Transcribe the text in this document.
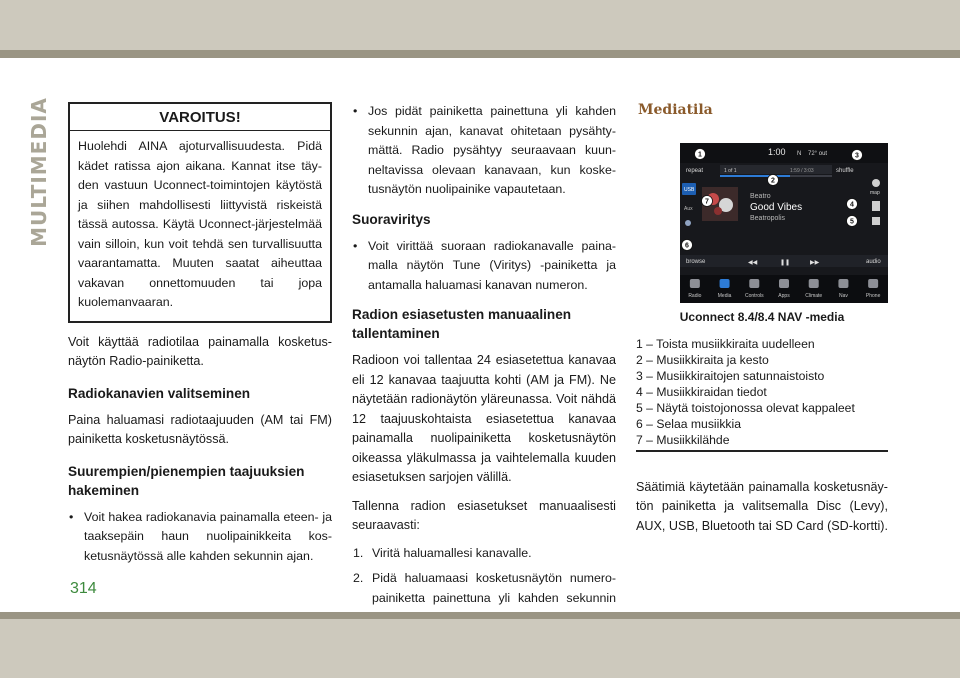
MULTIMEDIA	VAROITUS!
Huolehdi AINA ajoturvallisuudesta. Pidä kädet ratissa ajon aikana. Kannat itse täyden vastuun Uconnect-toimintojen käytöstä ja siihen mahdollisesti liittyvistä riskeistä tässä autossa. Käytä Uconnect-järjestelmää vain silloin, kun voit tehdä sen turvallisuutta vaarantamatta. Muuten saatat aiheuttaa vakavan onnettomuuden tai jopa kuolemanvaaran.

Voit käyttää radiotilaa painamalla kosketusnäytön Radio-painiketta.

Radiokanavien valitseminen

Paina haluamasi radiotaajuuden (AM tai FM) painiketta kosketusnäytössä.

Suurempien/pienempien taajuuksien hakeminen
• Voit hakea radiokanavia painamalla eteen- ja taaksepäin haun nuolipainikkeita kosketusnäytössä alle kahden sekunnin ajan.
• Jos pidät painiketta painettuna yli kahden sekunnin ajan, kanavat ohitetaan pysähtymättä. Radio pysähtyy seuraavaan kuunneltavissa olevaan kanavaan, kun kosketusnäytön nuolipainike vapautetaan.
Suoraviritys
• Voit virittää suoraan radiokanavalle painamalla näytön Tune (Viritys) -painiketta ja antamalla haluamasi kanavan numeron.
Radion esiasetusten manuaalinen tallentaminen

Radioon voi tallentaa 24 esiasetettua kanavaa eli 12 kanavaa taajuutta kohti (AM ja FM). Ne näytetään radionäytön yläreunassa. Voit nähdä 12 taajuuskohtaista esiasetettua kanavaa painamalla nuolipainiketta kosketusnäytön oikeassa yläkulmassa ja vaihtelemalla kuuden esiasetuksen sarjojen välillä.

Tallenna radion esiasetukset manuaalisesti seuraavasti:

1. Viritä haluamallesi kanavalle.
2. Pidä haluamaasi kosketusnäytön numeropainiketta painettuna yli kahden sekunnin
Mediatila
1:00 N 72° out
repeat	shuffle
1 of 1	1:59 / 3:03
USB
Aux
Beatro
Good Vibes
Beatropolis
map
browse	◀◀	❚❚	▶▶	audio
Radio	Media	Controls	Apps	Climate	Nav	Phone
1
2
3
4
5
6
7
Uconnect 8.4/8.4 NAV -media
1 – Toista musiikkiraita uudelleen
2 – Musiikkiraita ja kesto
3 – Musiikkiraitojen satunnaistoisto
4 – Musiikkiraidan tiedot
5 – Näytä toistojonossa olevat kappaleet
6 – Selaa musiikkia
7 – Musiikkilähde

Säätimiä käytetään painamalla kosketusnäytön painiketta ja valitsemalla Disc (Levy), AUX, USB, Bluetooth tai SD Card (SD-kortti).

314
